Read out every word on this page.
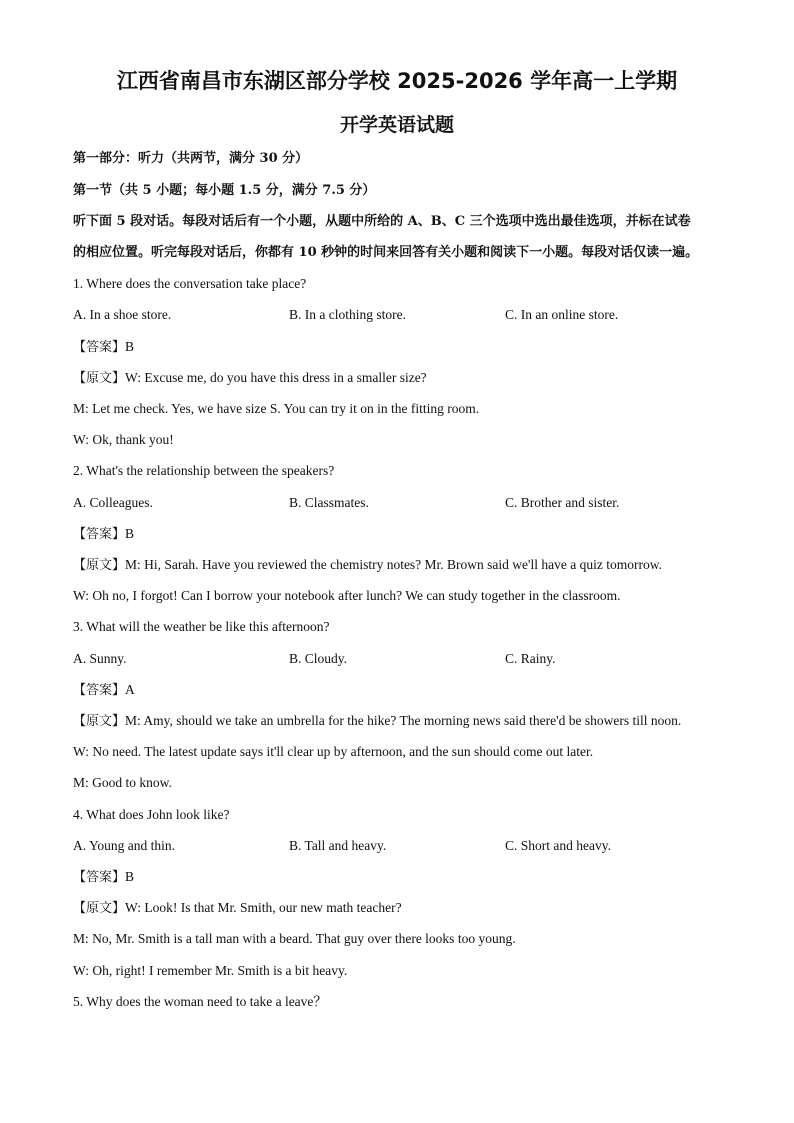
江西省南昌市东湖区部分学校 2025-2026 学年高一上学期
开学英语试题
第一部分：听力（共两节，满分 30 分）
第一节（共 5 小题；每小题 1.5 分，满分 7.5 分）
听下面 5 段对话。每段对话后有一个小题，从题中所给的 A、B、C 三个选项中选出最佳选项，并标在试卷
的相应位置。听完每段对话后，你都有 10 秒钟的时间来回答有关小题和阅读下一小题。每段对话仅读一遍。
1. Where does the conversation take place?
A. In a shoe store.	B. In a clothing store.	C. In an online store.
【答案】B
【原文】W: Excuse me, do you have this dress in a smaller size?
M: Let me check. Yes, we have size S. You can try it on in the fitting room.
W: Ok, thank you!
2. What's the relationship between the speakers?
A. Colleagues.	B. Classmates.	C. Brother and sister.
【答案】B
【原文】M: Hi, Sarah. Have you reviewed the chemistry notes? Mr. Brown said we'll have a quiz tomorrow.
W: Oh no, I forgot! Can I borrow your notebook after lunch? We can study together in the classroom.
3. What will the weather be like this afternoon?
A. Sunny.	B. Cloudy.	C. Rainy.
【答案】A
【原文】M: Amy, should we take an umbrella for the hike? The morning news said there'd be showers till noon.
W: No need. The latest update says it'll clear up by afternoon, and the sun should come out later.
M: Good to know.
4. What does John look like?
A. Young and thin.	B. Tall and heavy.	C. Short and heavy.
【答案】B
【原文】W: Look! Is that Mr. Smith, our new math teacher?
M: No, Mr. Smith is a tall man with a beard. That guy over there looks too young.
W: Oh, right! I remember Mr. Smith is a bit heavy.
5. Why does the woman need to take a leave？
